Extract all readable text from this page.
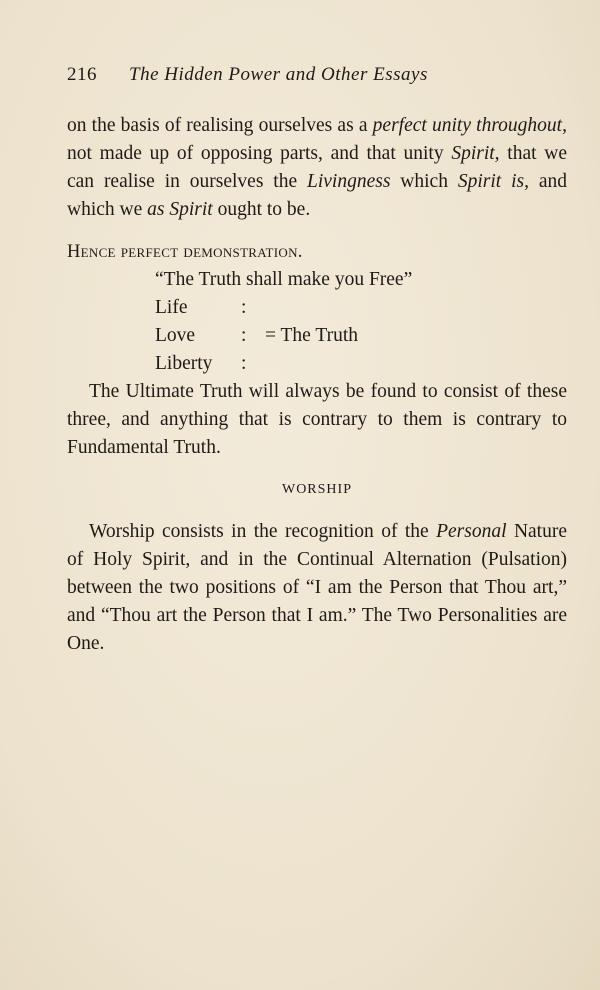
216 The Hidden Power and Other Essays

on the basis of realising ourselves as a perfect unity throughout, not made up of opposing parts, and that unity Spirit, that we can realise in ourselves the Livingness which Spirit is, and which we as Spirit ought to be.

Hence perfect demonstration.

“The Truth shall make you Free”
Life	:
Love	: = The Truth
Liberty	:

The Ultimate Truth will always be found to consist of these three, and anything that is contrary to them is contrary to Fundamental Truth.

WORSHIP

Worship consists in the recognition of the Personal Nature of Holy Spirit, and in the Continual Alternation (Pulsation) between the two positions of “I am the Person that Thou art,” and “Thou art the Person that I am.” The Two Personalities are One.
